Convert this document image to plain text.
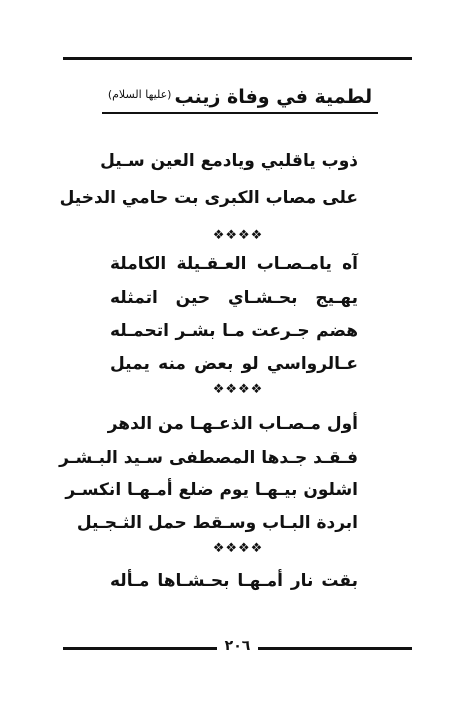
لطمية في وفاة زينب$^{(عليها السلام)}$
ذوب ياقلبي ويادمع العين سـيل
على مصاب الكبرى بت حامي الدخيل
❖❖❖❖
آه يامـصـاب العـقـيلة الكاملة
يهـيج بحـشـاي حين اتمثله
هضم جـرعت مـا بشـر اتحمـله
عـالرواسي لو بعض منه يميل
❖❖❖❖
أول مـصـاب الذعـهـا من الدهر
فـقـد جـدها المصطفى سـيد البـشـر
اشلون بيـهـا يوم ضلع أمـهـا انكسـر
ابردة البـاب وسـقط حمل الثـجـيل
❖❖❖❖
بقت نار أمـهـا بحـشـاها مـأله
٢٠٦
